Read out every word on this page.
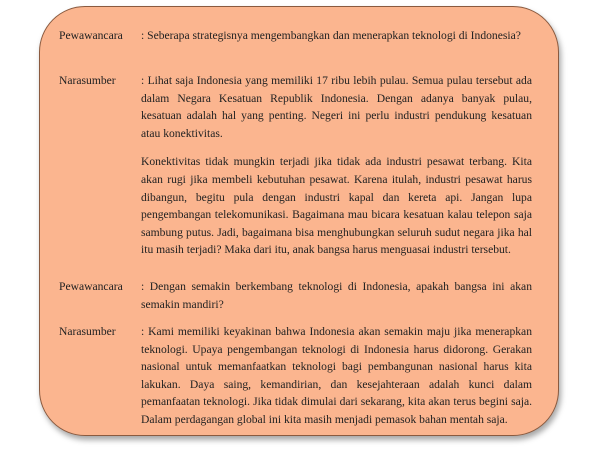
Pewawancara : Seberapa strategisnya mengembangkan dan menerapkan teknologi di Indonesia?

Narasumber : Lihat saja Indonesia yang memiliki 17 ribu lebih pulau. Semua pulau tersebut ada dalam Negara Kesatuan Republik Indonesia. Dengan adanya banyak pulau, kesatuan adalah hal yang penting. Negeri ini perlu industri pendukung kesatuan atau konektivitas.

Konektivitas tidak mungkin terjadi jika tidak ada industri pesawat terbang. Kita akan rugi jika membeli kebutuhan pesawat. Karena itulah, industri pesawat harus dibangun, begitu pula dengan industri kapal dan kereta api. Jangan lupa pengembangan telekomunikasi. Bagaimana mau bicara kesatuan kalau telepon saja sambung putus. Jadi, bagaimana bisa menghubungkan seluruh sudut negara jika hal itu masih terjadi? Maka dari itu, anak bangsa harus menguasai industri tersebut.

Pewawancara : Dengan semakin berkembang teknologi di Indonesia, apakah bangsa ini akan semakin mandiri?

Narasumber : Kami memiliki keyakinan bahwa Indonesia akan semakin maju jika menerapkan teknologi. Upaya pengembangan teknologi di Indonesia harus didorong. Gerakan nasional untuk memanfaatkan teknologi bagi pembangunan nasional harus kita lakukan. Daya saing, kemandirian, dan kesejahteraan adalah kunci dalam pemanfaatan teknologi. Jika tidak dimulai dari sekarang, kita akan terus begini saja. Dalam perdagangan global ini kita masih menjadi pemasok bahan mentah saja.
